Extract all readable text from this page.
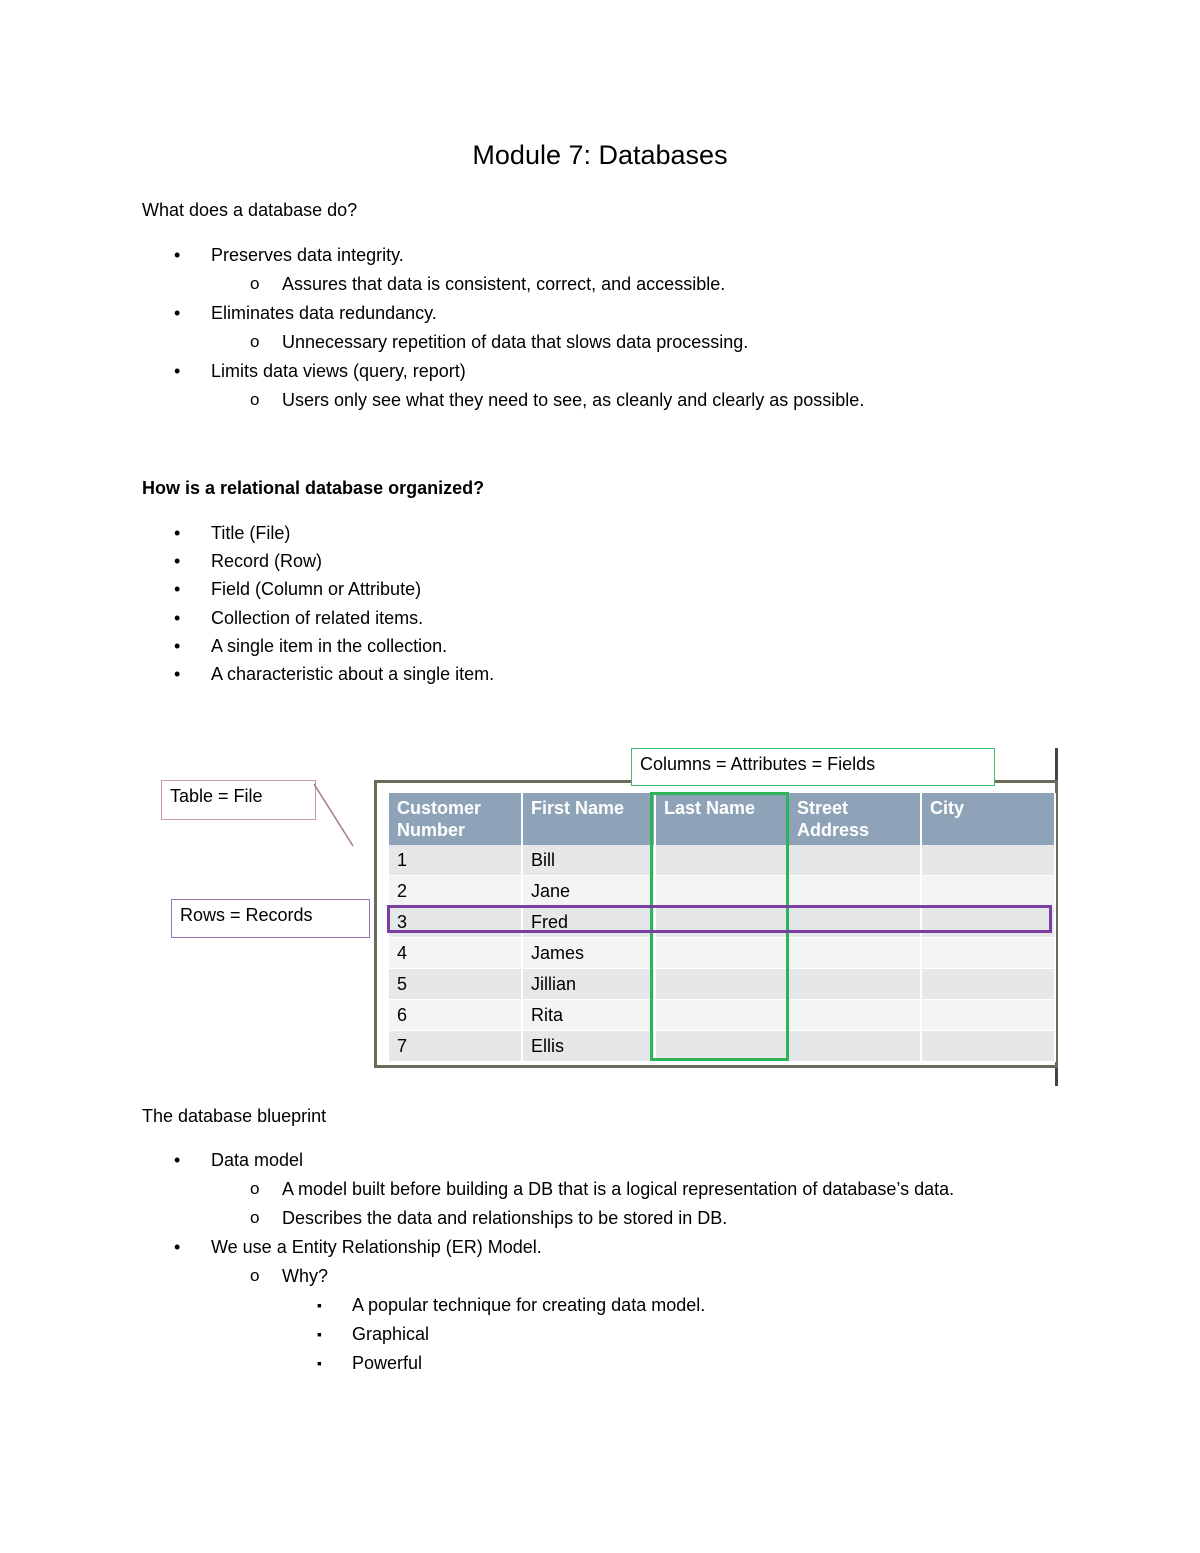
Module 7: Databases
What does a database do?
• Preserves data integrity.
o Assures that data is consistent, correct, and accessible.
• Eliminates data redundancy.
o Unnecessary repetition of data that slows data processing.
• Limits data views (query, report)
o Users only see what they need to see, as cleanly and clearly as possible.
How is a relational database organized?
• Title (File)
• Record (Row)
• Field (Column or Attribute)
• Collection of related items.
• A single item in the collection.
• A characteristic about a single item.
Customer Number	First Name	Last Name	Street Address	City
1	Bill			
2	Jane			
3	Fred			
4	James			
5	Jillian			
6	Rita			
7	Ellis			
Columns = Attributes = Fields
Table = File
Rows = Records
The database blueprint
• Data model
o A model built before building a DB that is a logical representation of database’s data.
o Describes the data and relationships to be stored in DB.
• We use a Entity Relationship (ER) Model.
o Why?
▪ A popular technique for creating data model.
▪ Graphical
▪ Powerful
